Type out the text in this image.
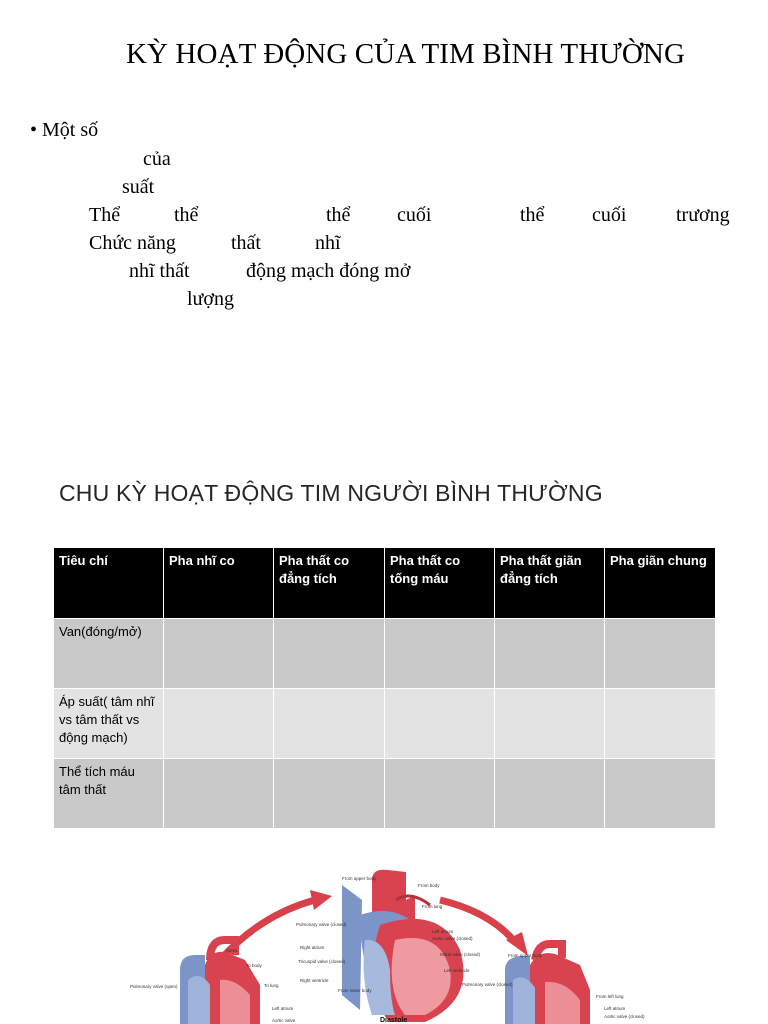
KỲ HOẠT ĐỘNG CỦA TIM BÌNH THƯỜNG
• Một số
của
suất
Thể	thể	thể cuối	thể cuối trương
Chức năng	thất	nhĩ
nhĩ thất	động mạch đóng mở
lượng
CHU KỲ HOẠT ĐỘNG TIM NGƯỜI BÌNH THƯỜNG
Tiêu chí	Pha nhĩ co	Pha thất co đẳng tích	Pha thất co tống máu	Pha thất giãn đẳng tích	Pha giãn chung
Van(đóng/mở)					
Áp suất( tâm nhĩ vs tâm thất vs động mạch)					
Thể tích máu tâm thất					
From upper body
From body
From lung
Pulmonary valve (closed)
Right atrium
Tricuspid valve (closed)
Right ventricle
From lower body
Left atrium
Aortic valve (closed)
Mitral valve (closed)
Left ventricle
Aorta
To body
To lung
Pulmonary valve (open)
Left atrium
Aortic valve
From upper body
Pulmonary valve (closed)
From left lung
Left atrium
Aortic valve (closed)
Diastole
